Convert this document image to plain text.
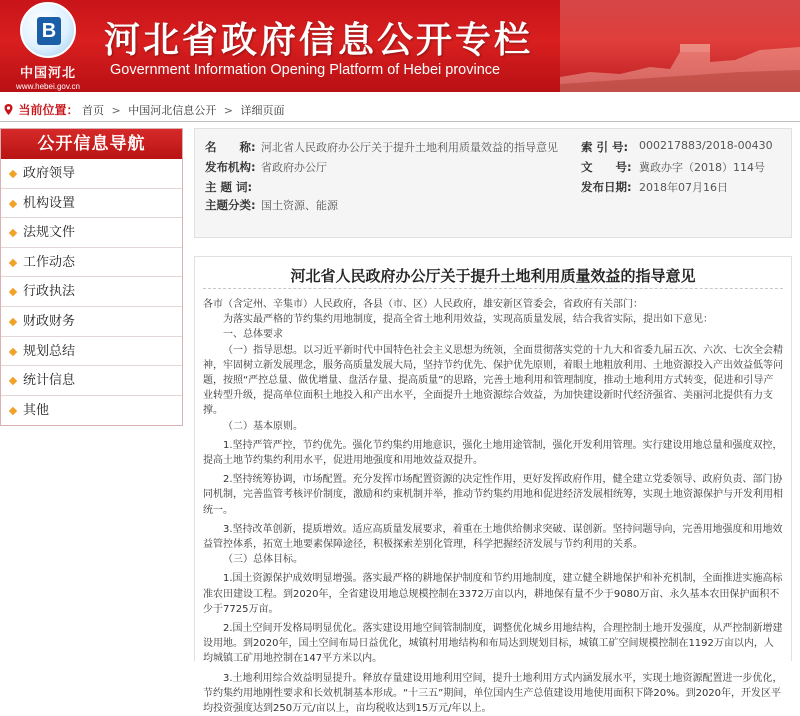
B
中国河北
www.hebei.gov.cn
河北省政府信息公开专栏
Government Information Opening Platform of Hebei province
当前位置： 首页 > 中国河北信息公开 > 详细页面
公开信息导航
政府领导
机构设置
法规文件
工作动态
行政执法
财政财务
规划总结
统计信息
其他
名　　称: 河北省人民政府办公厅关于提升土地利用质量效益的指导意见 索 引 号: 000217883/2018-00430
发布机构: 省政府办公厅	文　　号: 冀政办字（2018）114号
主 题 词:	发布日期: 2018年07月16日
主题分类: 国土资源、能源
河北省人民政府办公厅关于提升土地利用质量效益的指导意见

各市（含定州、辛集市）人民政府，各县（市、区）人民政府，雄安新区管委会，省政府有关部门：

为落实最严格的节约集约用地制度，提高全省土地利用效益，实现高质量发展，结合我省实际，提出如下意见：

一、总体要求

（一）指导思想。以习近平新时代中国特色社会主义思想为统领，全面贯彻落实党的十九大和省委九届五次、六次、七次全会精神，牢固树立新发展理念，服务高质量发展大局，坚持节约优先、保护优先原则，着眼土地粗放利用、土地资源投入产出效益低等问题，按照“严控总量、做优增量、盘活存量、提高质量”的思路，完善土地利用和管理制度，推动土地利用方式转变，促进和引导产业转型升级，提高单位面积土地投入和产出水平，全面提升土地资源综合效益，为加快建设新时代经济强省、美丽河北提供有力支撑。

（二）基本原则。

1.坚持严管严控，节约优先。强化节约集约用地意识，强化土地用途管制，强化开发利用管理。实行建设用地总量和强度双控，提高土地节约集约利用水平，促进用地强度和用地效益双提升。

2.坚持统筹协调，市场配置。充分发挥市场配置资源的决定性作用，更好发挥政府作用，健全建立党委领导、政府负责、部门协同机制，完善监管考核评价制度，激励和约束机制并举，推动节约集约用地和促进经济发展相统筹，实现土地资源保护与开发利用相统一。

3.坚持改革创新，提质增效。适应高质量发展要求，着重在土地供给侧求突破、谋创新。坚持问题导向，完善用地强度和用地效益管控体系，拓宽土地要素保障途径，积极探索差别化管理，科学把握经济发展与节约利用的关系。

（三）总体目标。

1.国土资源保护成效明显增强。落实最严格的耕地保护制度和节约用地制度，建立健全耕地保护和补充机制，全面推进实施高标准农田建设工程。到2020年，全省建设用地总规模控制在3372万亩以内，耕地保有量不少于9080万亩、永久基本农田保护面积不少于7725万亩。

2.国土空间开发格局明显优化。落实建设用地空间管制制度，调整优化城乡用地结构，合理控制土地开发强度，从严控制新增建设用地。到2020年，国土空间布局日益优化，城镇村用地结构和布局达到规划目标，城镇工矿空间规模控制在1192万亩以内，人均城镇工矿用地控制在147平方米以内。

3.土地利用综合效益明显提升。释放存量建设用地利用空间，提升土地利用方式内涵发展水平，实现土地资源配置进一步优化，节约集约用地刚性要求和长效机制基本形成。“十三五”期间，单位国内生产总值建设用地使用面积下降20%。到2020年，开发区平均投资强度达到250万元/亩以上，亩均税收达到15万元/年以上。
